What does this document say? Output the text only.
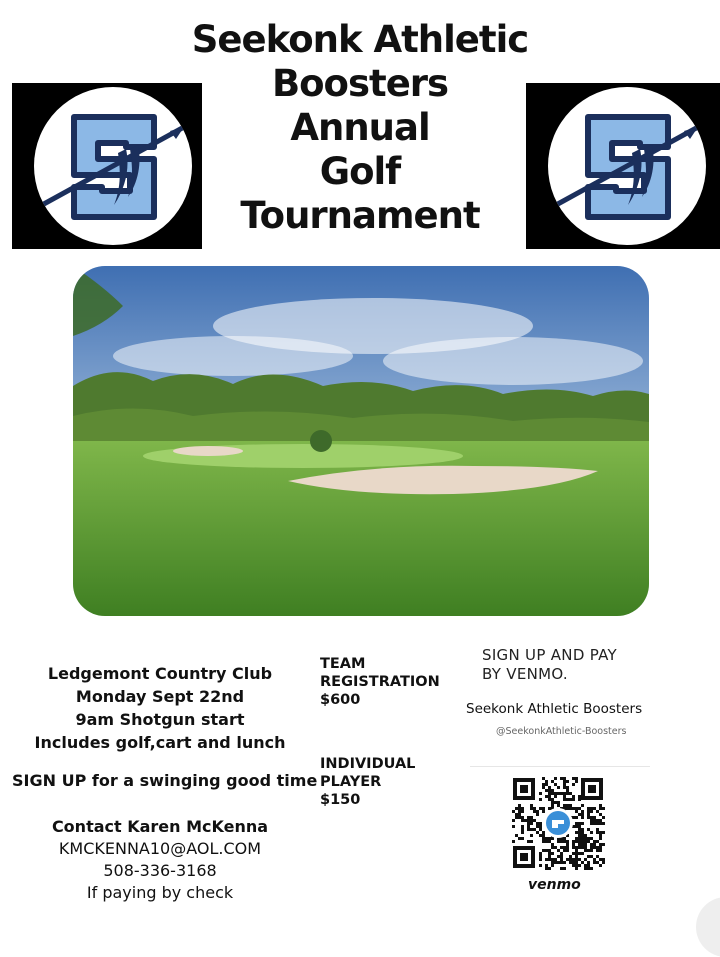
Seekonk Athletic
Boosters
Annual
Golf
Tournament
Ledgemont Country Club
Monday Sept 22nd
9am Shotgun start
Includes golf,cart and lunch
SIGN UP for a swinging good time
Contact Karen McKenna
KMCKENNA10@AOL.COM
508-336-3168
If paying by check
TEAM
REGISTRATION
$600
INDIVIDUAL
PLAYER
$150
SIGN UP AND PAY
BY VENMO.
Seekonk Athletic Boosters
@SeekonkAthletic-Boosters
venmo
